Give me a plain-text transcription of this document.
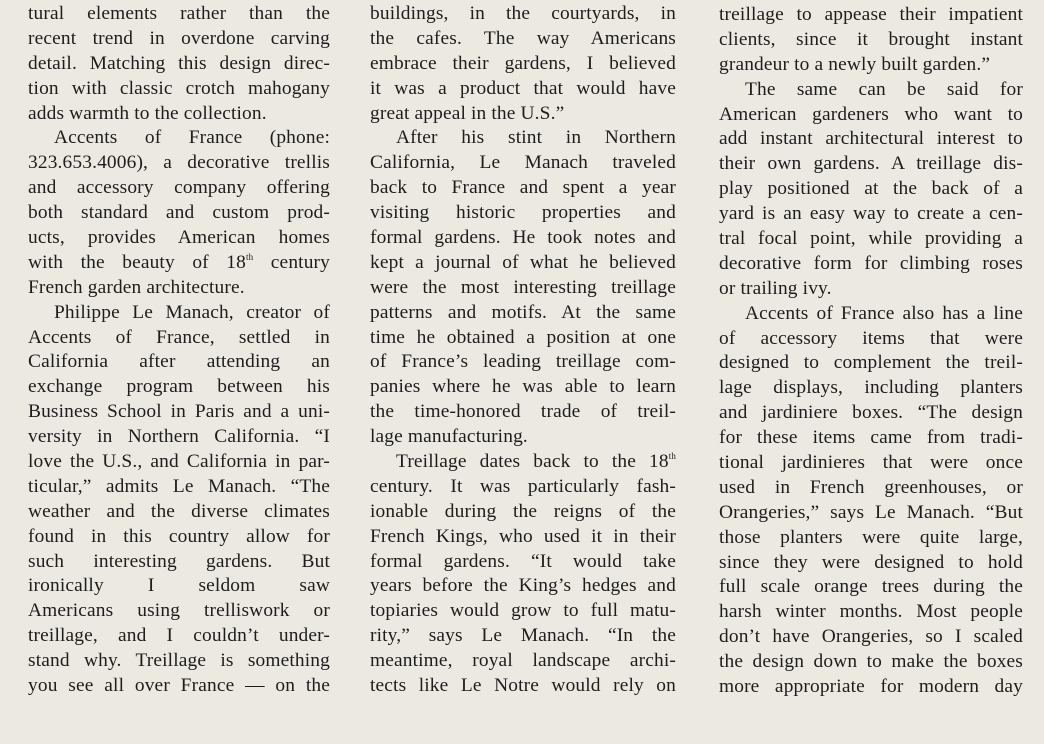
tural elements rather than the
recent trend in overdone carving
detail. Matching this design direc-
tion with classic crotch mahogany
adds warmth to the collection.
Accents of France (phone:
323.653.4006), a decorative trellis
and accessory company offering
both standard and custom prod-
ucts, provides American homes
with the beauty of 18th century
French garden architecture.
Philippe Le Manach, creator of
Accents of France, settled in
California after attending an
exchange program between his
Business School in Paris and a uni-
versity in Northern California. “I
love the U.S., and California in par-
ticular,” admits Le Manach. “The
weather and the diverse climates
found in this country allow for
such interesting gardens. But
ironically I seldom saw
Americans using trelliswork or
treillage, and I couldn’t under-
stand why. Treillage is something
you see all over France — on the
buildings, in the courtyards, in
the cafes. The way Americans
embrace their gardens, I believed
it was a product that would have
great appeal in the U.S.”
After his stint in Northern
California, Le Manach traveled
back to France and spent a year
visiting historic properties and
formal gardens. He took notes and
kept a journal of what he believed
were the most interesting treillage
patterns and motifs. At the same
time he obtained a position at one
of France’s leading treillage com-
panies where he was able to learn
the time-honored trade of treil-
lage manufacturing.
Treillage dates back to the 18th
century. It was particularly fash-
ionable during the reigns of the
French Kings, who used it in their
formal gardens. “It would take
years before the King’s hedges and
topiaries would grow to full matu-
rity,” says Le Manach. “In the
meantime, royal landscape archi-
tects like Le Notre would rely on
treillage to appease their impatient
clients, since it brought instant
grandeur to a newly built garden.”
The same can be said for
American gardeners who want to
add instant architectural interest to
their own gardens. A treillage dis-
play positioned at the back of a
yard is an easy way to create a cen-
tral focal point, while providing a
decorative form for climbing roses
or trailing ivy.
Accents of France also has a line
of accessory items that were
designed to complement the treil-
lage displays, including planters
and jardiniere boxes. “The design
for these items came from tradi-
tional jardinieres that were once
used in French greenhouses, or
Orangeries,” says Le Manach. “But
those planters were quite large,
since they were designed to hold
full scale orange trees during the
harsh winter months. Most people
don’t have Orangeries, so I scaled
the design down to make the boxes
more appropriate for modern day
